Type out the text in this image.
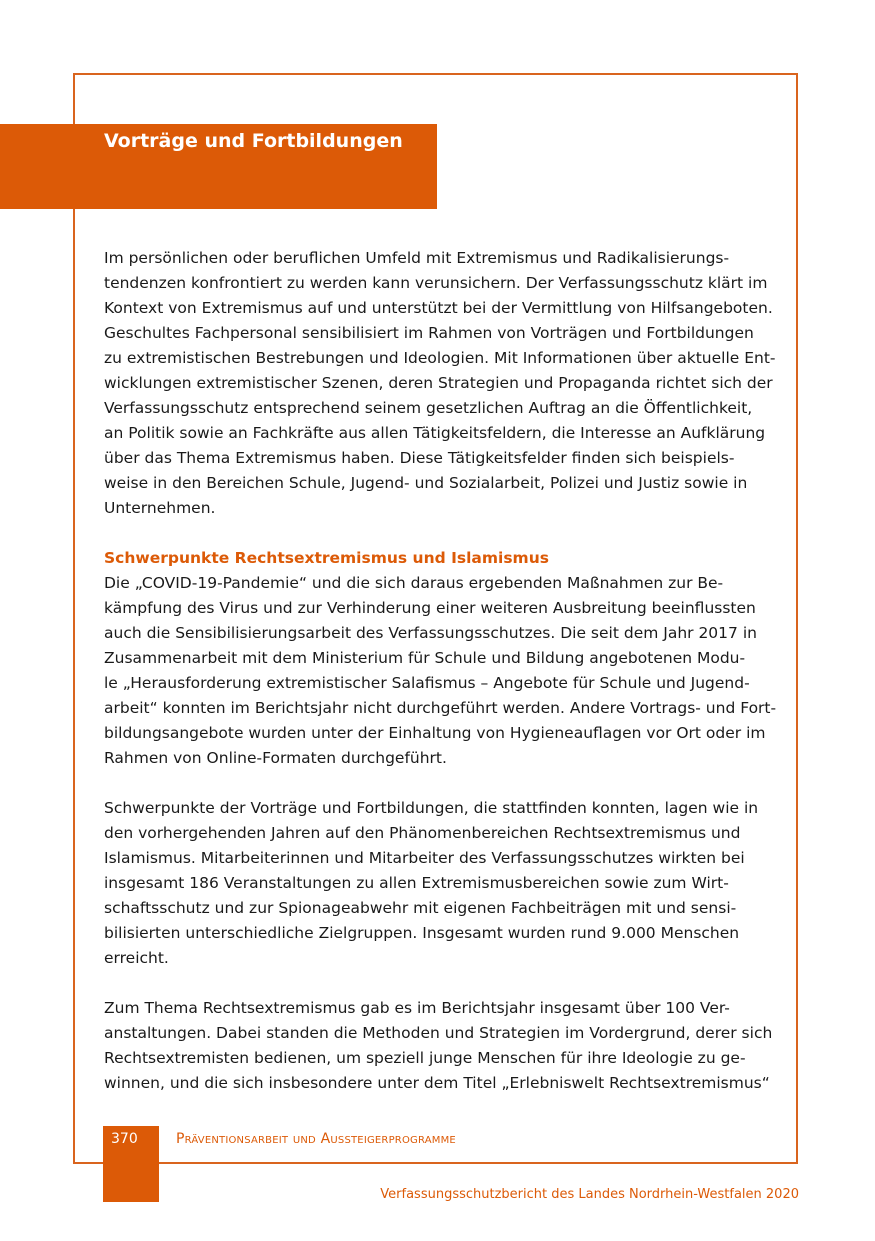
Vorträge und Fortbildungen
Im persönlichen oder beruflichen Umfeld mit Extremismus und Radikalisierungs-
tendenzen konfrontiert zu werden kann verunsichern. Der Verfassungsschutz klärt im
Kontext von Extremismus auf und unterstützt bei der Vermittlung von Hilfsangeboten.
Geschultes Fachpersonal sensibilisiert im Rahmen von Vorträgen und Fortbildungen
zu extremistischen Bestrebungen und Ideologien. Mit Informationen über aktuelle Ent-
wicklungen extremistischer Szenen, deren Strategien und Propaganda richtet sich der
Verfassungsschutz entsprechend seinem gesetzlichen Auftrag an die Öffentlichkeit,
an Politik sowie an Fachkräfte aus allen Tätigkeitsfeldern, die Interesse an Aufklärung
über das Thema Extremismus haben. Diese Tätigkeitsfelder finden sich beispiels-
weise in den Bereichen Schule, Jugend- und Sozialarbeit, Polizei und Justiz sowie in
Unternehmen.
Schwerpunkte Rechtsextremismus und Islamismus
Die „COVID-19-Pandemie“ und die sich daraus ergebenden Maßnahmen zur Be-
kämpfung des Virus und zur Verhinderung einer weiteren Ausbreitung beeinflussten
auch die Sensibilisierungsarbeit des Verfassungsschutzes. Die seit dem Jahr 2017 in
Zusammenarbeit mit dem Ministerium für Schule und Bildung angebotenen Modu-
le „Herausforderung extremistischer Salafismus – Angebote für Schule und Jugend-
arbeit“ konnten im Berichtsjahr nicht durchgeführt werden. Andere Vortrags- und Fort-
bildungsangebote wurden unter der Einhaltung von Hygieneauflagen vor Ort oder im
Rahmen von Online-Formaten durchgeführt.
Schwerpunkte der Vorträge und Fortbildungen, die stattfinden konnten, lagen wie in
den vorhergehenden Jahren auf den Phänomenbereichen Rechtsextremismus und
Islamismus. Mitarbeiterinnen und Mitarbeiter des Verfassungsschutzes wirkten bei
insgesamt 186 Veranstaltungen zu allen Extremismusbereichen sowie zum Wirt-
schaftsschutz und zur Spionageabwehr mit eigenen Fachbeiträgen mit und sensi-
bilisierten unterschiedliche Zielgruppen. Insgesamt wurden rund 9.000 Menschen
erreicht.
Zum Thema Rechtsextremismus gab es im Berichtsjahr insgesamt über 100 Ver-
anstaltungen. Dabei standen die Methoden und Strategien im Vordergrund, derer sich
Rechtsextremisten bedienen, um speziell junge Menschen für ihre Ideologie zu ge-
winnen, und die sich insbesondere unter dem Titel „Erlebniswelt Rechtsextremismus“
370	Präventionsarbeit und Aussteigerprogramme
Verfassungsschutzbericht des Landes Nordrhein-Westfalen 2020
